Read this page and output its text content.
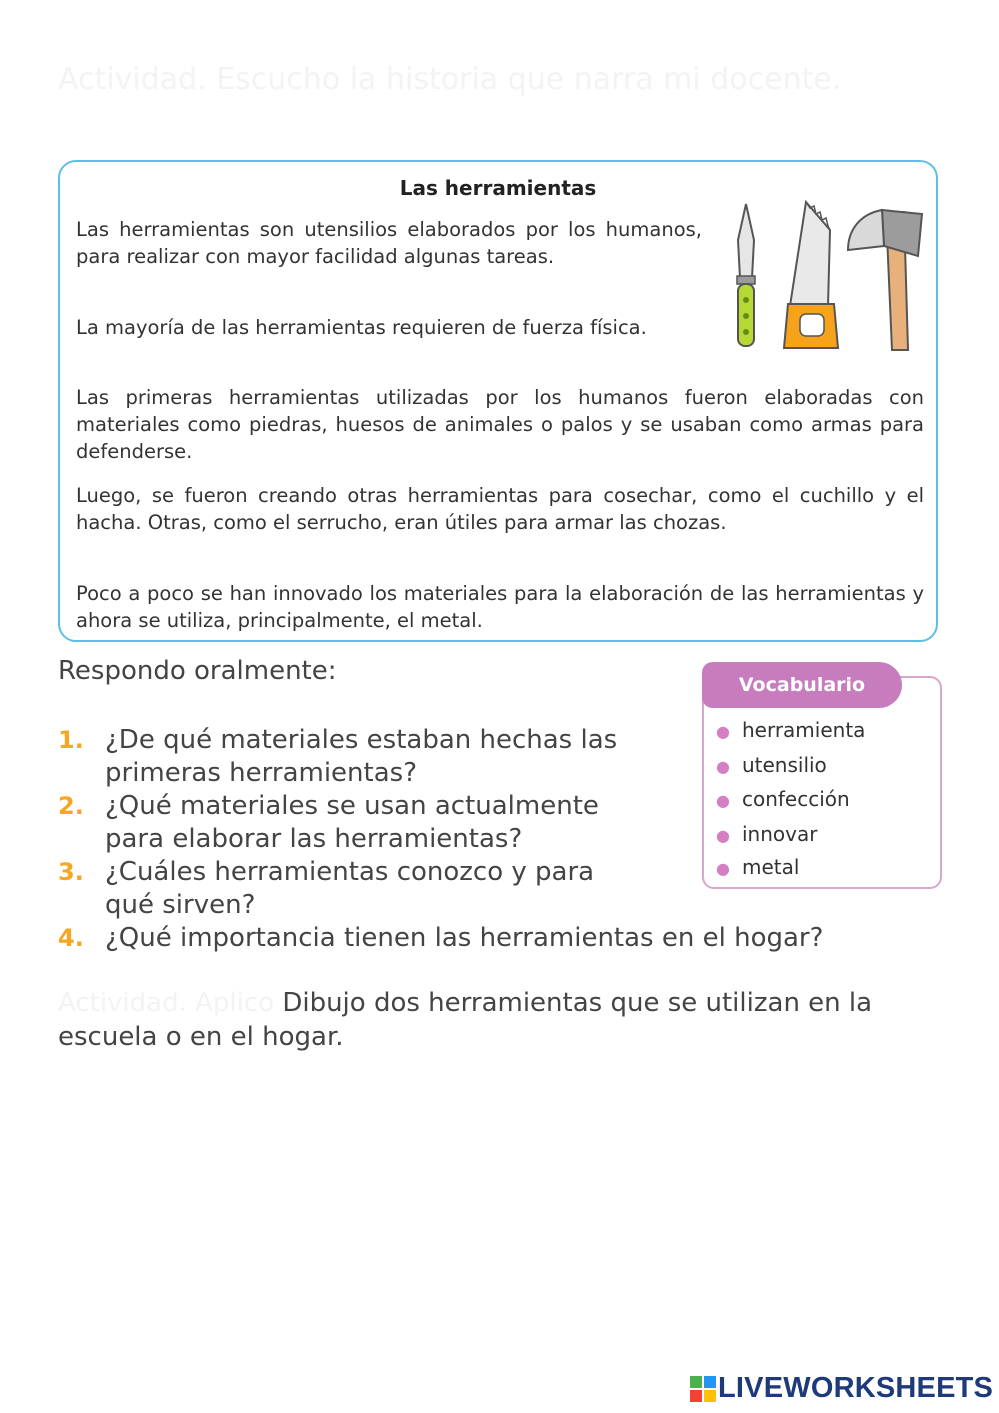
Actividad. Escucho la historia que narra mi docente.
Las herramientas

Las herramientas son utensilios elaborados por los humanos, para realizar con mayor facilidad algunas tareas.

La mayoría de las herramientas requieren de fuerza física.

Las primeras herramientas utilizadas por los humanos fueron elaboradas con materiales como piedras, huesos de animales o palos y se usaban como armas para defenderse.

Luego, se fueron creando otras herramientas para cosechar, como el cuchillo y el hacha. Otras, como el serrucho, eran útiles para armar las chozas.

Poco a poco se han innovado los materiales para la elaboración de las herramientas y ahora se utiliza, principalmente, el metal.

Respondo oralmente:

1. ¿De qué materiales estaban hechas las
primeras herramientas?
2. ¿Qué materiales se usan actualmente
para elaborar las herramientas?
3. ¿Cuáles herramientas conozco y para
qué sirven?
4. ¿Qué importancia tienen las herramientas en el hogar?
Vocabulario
● herramienta
● utensilio
● confección
● innovar
● metal

Actividad. Aplico Dibujo dos herramientas que se utilizan en la escuela o en el hogar.

LIVEWORKSHEETS
